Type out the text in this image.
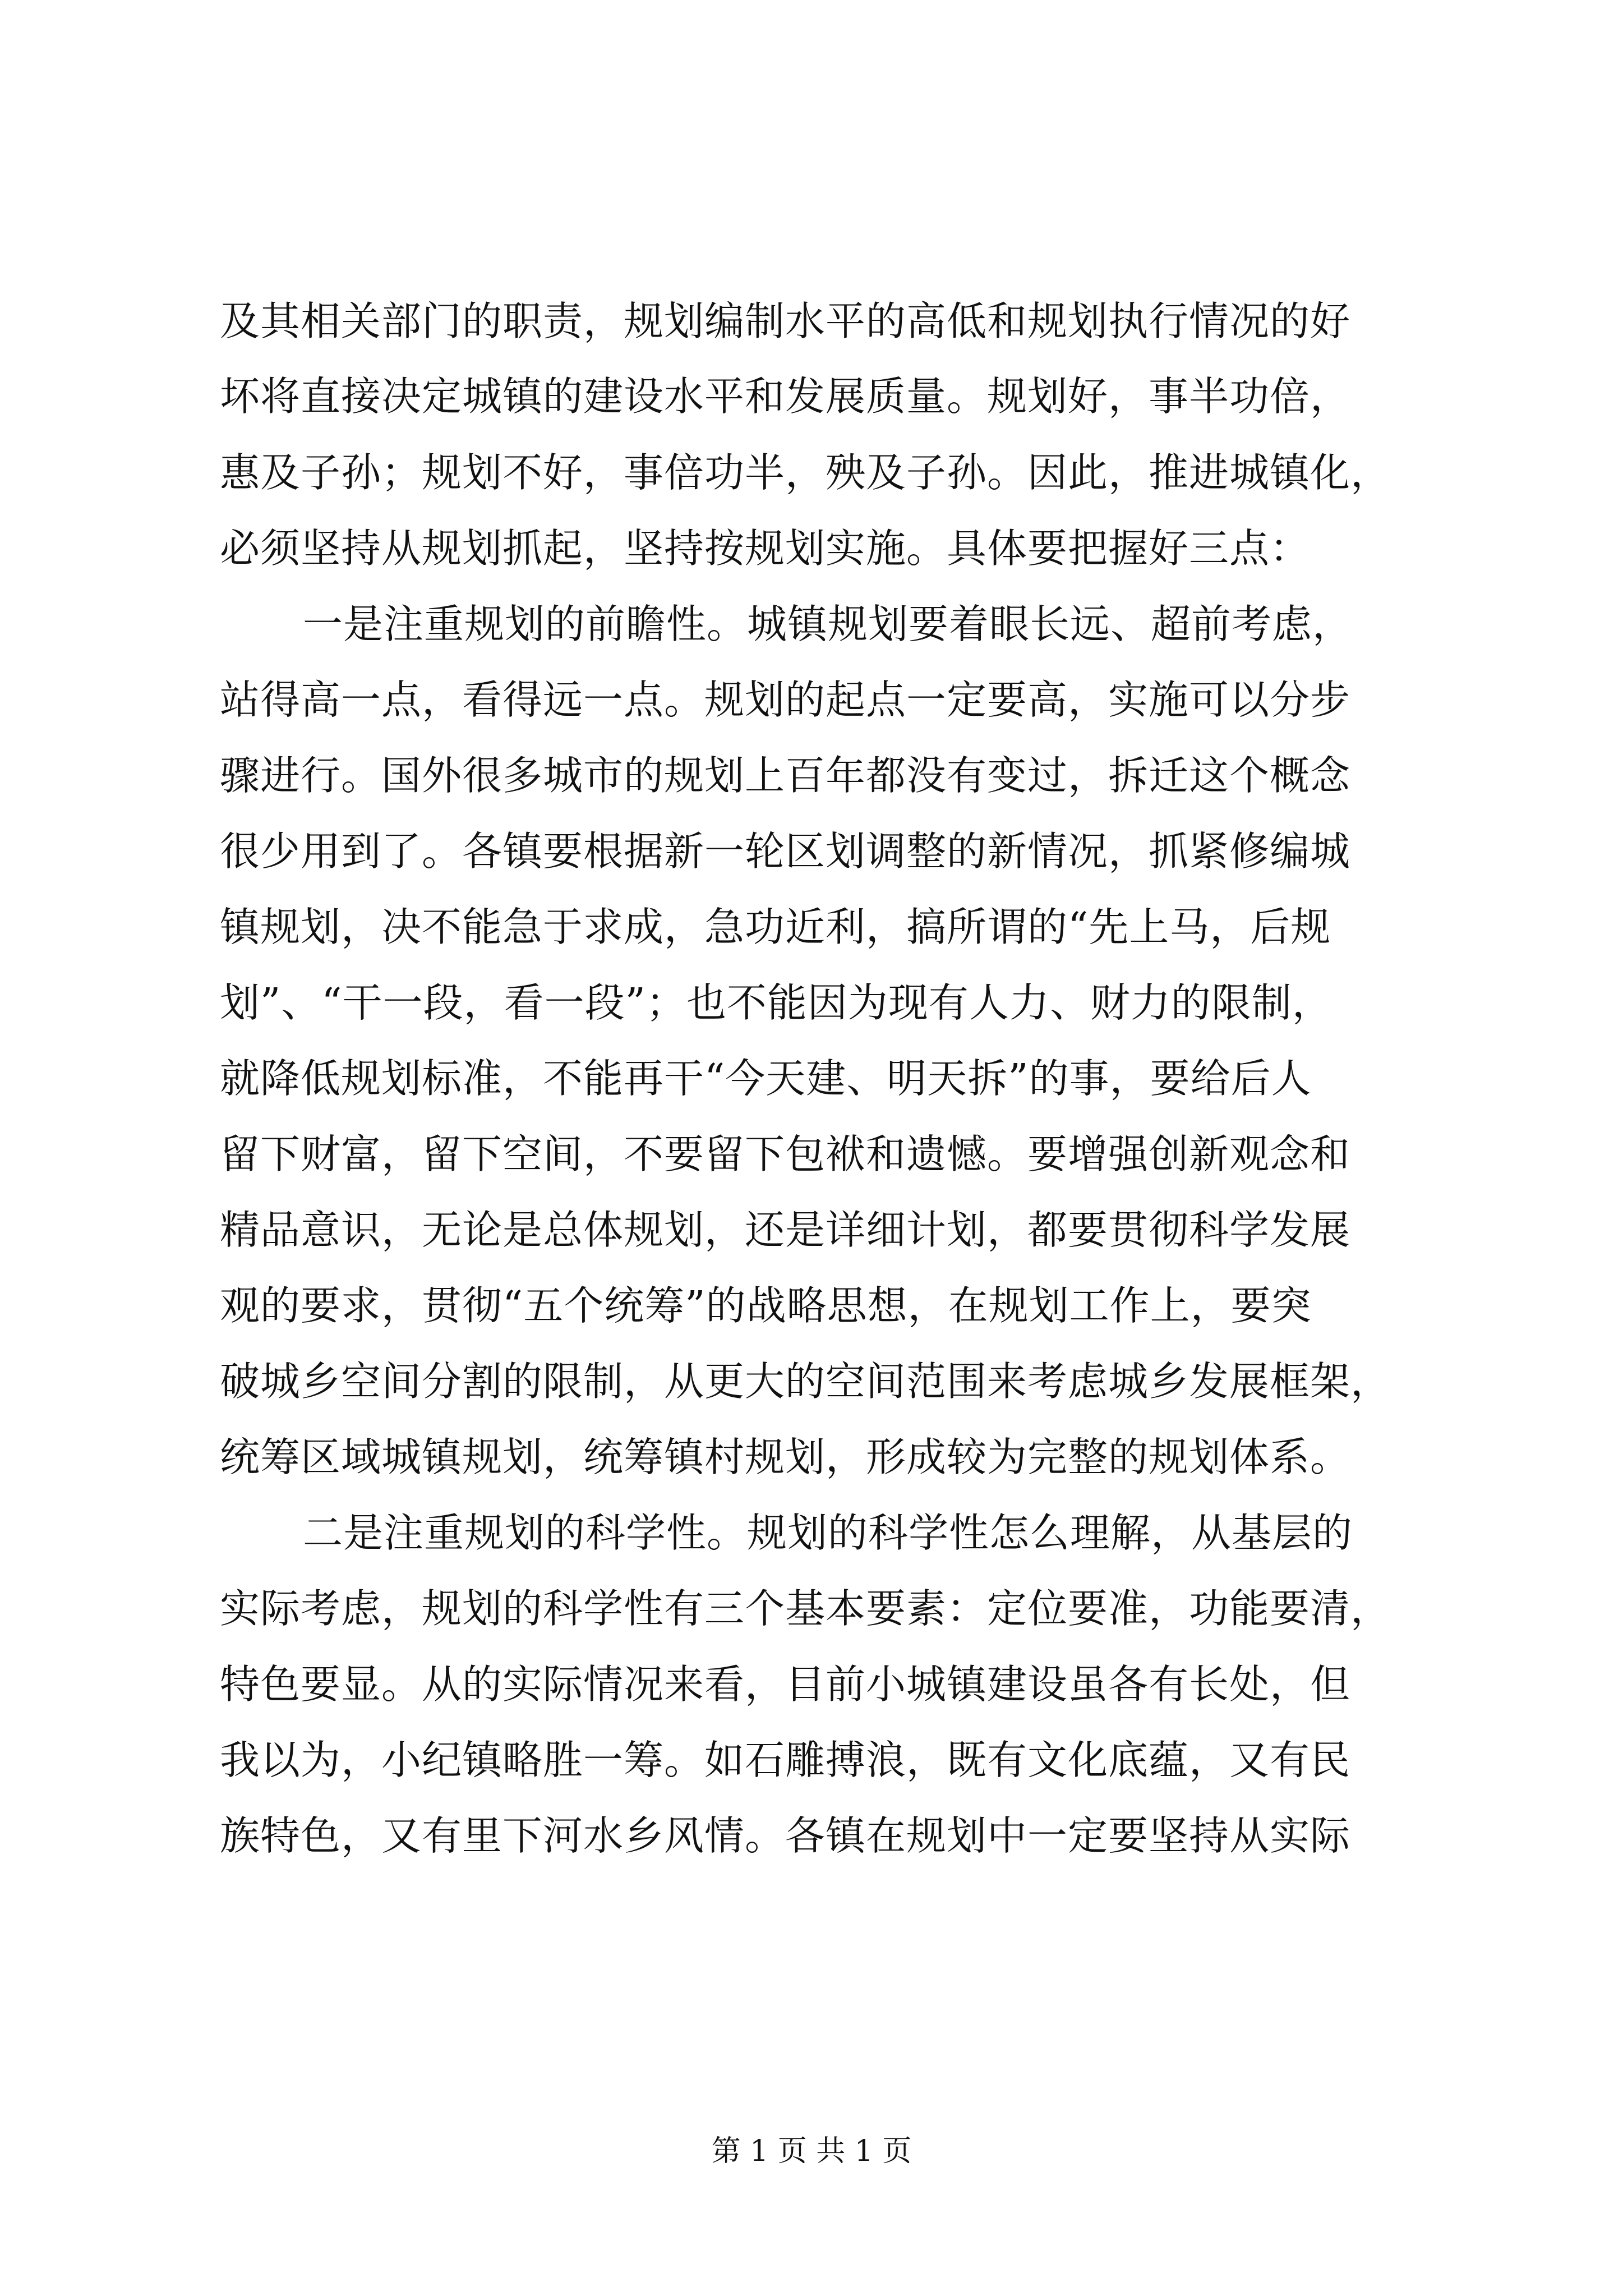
及其相关部门的职责，规划编制水平的高低和规划执行情况的好
坏将直接决定城镇的建设水平和发展质量。规划好，事半功倍，
惠及子孙；规划不好，事倍功半，殃及子孙。因此，推进城镇化，
必须坚持从规划抓起，坚持按规划实施。具体要把握好三点：
一是注重规划的前瞻性。城镇规划要着眼长远、超前考虑，
站得高一点，看得远一点。规划的起点一定要高，实施可以分步
骤进行。国外很多城市的规划上百年都没有变过，拆迁这个概念
很少用到了。各镇要根据新一轮区划调整的新情况，抓紧修编城
镇规划，决不能急于求成，急功近利，搞所谓的“先上马，后规
划”、“干一段，看一段”；也不能因为现有人力、财力的限制，
就降低规划标准，不能再干“今天建、明天拆”的事，要给后人
留下财富，留下空间，不要留下包袱和遗憾。要增强创新观念和
精品意识，无论是总体规划，还是详细计划，都要贯彻科学发展
观的要求，贯彻“五个统筹”的战略思想，在规划工作上，要突
破城乡空间分割的限制，从更大的空间范围来考虑城乡发展框架，
统筹区域城镇规划，统筹镇村规划，形成较为完整的规划体系。
二是注重规划的科学性。规划的科学性怎么理解，从基层的
实际考虑，规划的科学性有三个基本要素：定位要准，功能要清，
特色要显。从的实际情况来看，目前小城镇建设虽各有长处，但
我以为，小纪镇略胜一筹。如石雕搏浪，既有文化底蕴，又有民
族特色，又有里下河水乡风情。各镇在规划中一定要坚持从实际
第 1 页 共 1 页
